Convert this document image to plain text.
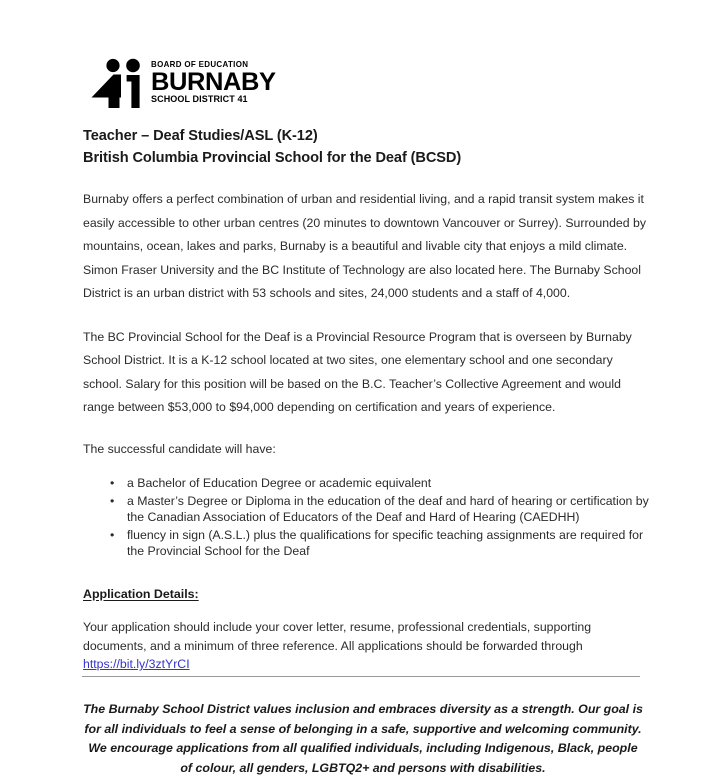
BOARD OF EDUCATION
BURNABY
SCHOOL DISTRICT 41
Teacher – Deaf Studies/ASL (K-12)
British Columbia Provincial School for the Deaf (BCSD)

Burnaby offers a perfect combination of urban and residential living, and a rapid transit system makes it easily accessible to other urban centres (20 minutes to downtown Vancouver or Surrey). Surrounded by mountains, ocean, lakes and parks, Burnaby is a beautiful and livable city that enjoys a mild climate. Simon Fraser University and the BC Institute of Technology are also located here. The Burnaby School District is an urban district with 53 schools and sites, 24,000 students and a staff of 4,000.

The BC Provincial School for the Deaf is a Provincial Resource Program that is overseen by Burnaby School District. It is a K-12 school located at two sites, one elementary school and one secondary school. Salary for this position will be based on the B.C. Teacher’s Collective Agreement and would range between $53,000 to $94,000 depending on certification and years of experience.

The successful candidate will have:

• a Bachelor of Education Degree or academic equivalent
• a Master’s Degree or Diploma in the education of the deaf and hard of hearing or certification by the Canadian Association of Educators of the Deaf and Hard of Hearing (CAEDHH)
• fluency in sign (A.S.L.) plus the qualifications for specific teaching assignments are required for the Provincial School for the Deaf
Application Details:

Your application should include your cover letter, resume, professional credentials, supporting documents, and a minimum of three reference. All applications should be forwarded through https://bit.ly/3ztYrCI

The Burnaby School District values inclusion and embraces diversity as a strength. Our goal is for all individuals to feel a sense of belonging in a safe, supportive and welcoming community. We encourage applications from all qualified individuals, including Indigenous, Black, people of colour, all genders, LGBTQ2+ and persons with disabilities.
